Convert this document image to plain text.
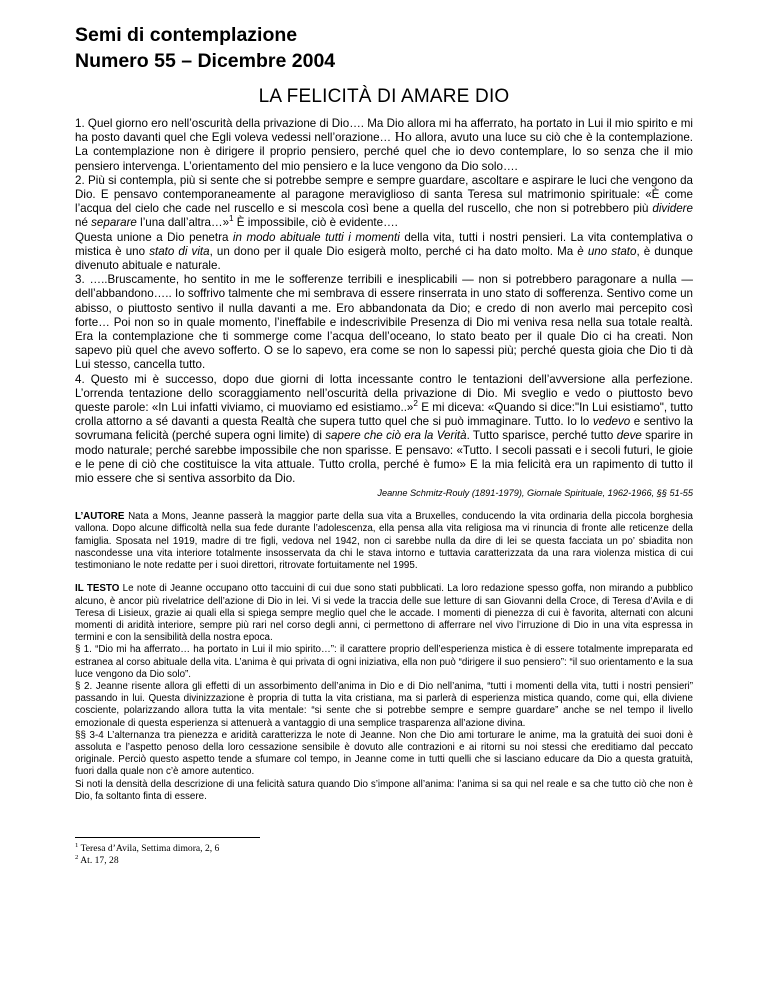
Semi di contemplazione
Numero 55 – Dicembre 2004
LA FELICITÀ DI AMARE DIO

1. Quel giorno ero nell’oscurità della privazione di Dio…. Ma Dio allora mi ha afferrato, ha portato in Lui il mio spirito e mi ha posto davanti quel che Egli voleva vedessi nell’orazione… Ho allora, avuto una luce su ciò che è la contemplazione. La contemplazione non è dirigere il proprio pensiero, perché quel che io devo contemplare, lo so senza che il mio pensiero intervenga. L’orientamento del mio pensiero e la luce vengono da Dio solo….

2. Più si contempla, più si sente che si potrebbe sempre e sempre guardare, ascoltare e aspirare le luci che vengono da Dio. E pensavo contemporaneamente al paragone meraviglioso di santa Teresa sul matrimonio spirituale: «È come l’acqua del cielo che cade nel ruscello e si mescola così bene a quella del ruscello, che non si potrebbero più dividere né separare l’una dall’altra…»$^1$ È impossibile, ciò è evidente….

Questa unione a Dio penetra in modo abituale tutti i momenti della vita, tutti i nostri pensieri. La vita contemplativa o mistica è uno stato di vita, un dono per il quale Dio esigerà molto, perché ci ha dato molto. Ma è uno stato, è dunque divenuto abituale e naturale.

3. …..Bruscamente, ho sentito in me le sofferenze terribili e inesplicabili — non si potrebbero paragonare a nulla — dell’abbandono….. Io soffrivo talmente che mi sembrava di essere rinserrata in uno stato di sofferenza. Sentivo come un abisso, o piuttosto sentivo il nulla davanti a me. Ero abbandonata da Dio; e credo di non averlo mai percepito così forte… Poi non so in quale momento, l’ineffabile e indescrivibile Presenza di Dio mi veniva resa nella sua totale realtà. Era la contemplazione che ti sommerge come l’acqua dell’oceano, lo stato beato per il quale Dio ci ha creati. Non sapevo più quel che avevo sofferto. O se lo sapevo, era come se non lo sapessi più; perché questa gioia che Dio ti dà Lui stesso, cancella tutto.

4. Questo mi è successo, dopo due giorni di lotta incessante contro le tentazioni dell’avversione alla perfezione. L’orrenda tentazione dello scoraggiamento nell’oscurità della privazione di Dio. Mi sveglio e vedo o piuttosto bevo queste parole: «In Lui infatti viviamo, ci muoviamo ed esistiamo..»$^2$ E mi diceva: «Quando si dice:"In Lui esistiamo", tutto crolla attorno a sé davanti a questa Realtà che supera tutto quel che si può immaginare. Tutto. Io lo vedevo e sentivo la sovrumana felicità (perché supera ogni limite) di sapere che ciò era la Verità. Tutto sparisce, perché tutto deve sparire in modo naturale; perché sarebbe impossibile che non sparisse. E pensavo: «Tutto. I secoli passati e i secoli futuri, le gioie e le pene di ciò che costituisce la vita attuale. Tutto crolla, perché è fumo» E la mia felicità era un rapimento di tutto il mio essere che si sentiva assorbito da Dio.

Jeanne Schmitz-Rouly (1891-1979), Giornale Spirituale, 1962-1966, §§ 51-55

L’AUTORE Nata a Mons, Jeanne passerà la maggior parte della sua vita a Bruxelles, conducendo la vita ordinaria della piccola borghesia vallona. Dopo alcune difficoltà nella sua fede durante l’adolescenza, ella pensa alla vita religiosa ma vi rinuncia di fronte alle reticenze della famiglia. Sposata nel 1919, madre di tre figli, vedova nel 1942, non ci sarebbe nulla da dire di lei se questa facciata un po’ sbiadita non nascondesse una vita interiore totalmente insosservata da chi le stava intorno e tuttavia caratterizzata da una rara violenza mistica di cui testimoniano le note redatte per i suoi direttori, ritrovate fortuitamente nel 1995.

IL TESTO Le note di Jeanne occupano otto taccuini di cui due sono stati pubblicati. La loro redazione spesso goffa, non mirando a pubblico alcuno, è ancor più rivelatrice dell’azione di Dio in lei. Vi si vede la traccia delle sue letture di san Giovanni della Croce, di Teresa d’Avila e di Teresa di Lisieux, grazie ai quali ella si spiega sempre meglio quel che le accade. I momenti di pienezza di cui è favorita, alternati con alcuni momenti di aridità interiore, sempre più rari nel corso degli anni, ci permettono di afferrare nel vivo l’irruzione di Dio in una vita espressa in termini e con la sensibilità della nostra epoca.

§ 1. “Dio mi ha afferrato… ha portato in Lui il mio spirito…”: il carattere proprio dell’esperienza mistica è di essere totalmente impreparata ed estranea al corso abituale della vita. L’anima è qui privata di ogni iniziativa, ella non può “dirigere il suo pensiero”: “il suo orientamento e la sua luce vengono da Dio solo”.

§ 2. Jeanne risente allora gli effetti di un assorbimento dell’anima in Dio e di Dio nell’anima, “tutti i momenti della vita, tutti i nostri pensieri” passando in lui. Questa divinizzazione è propria di tutta la vita cristiana, ma si parlerà di esperienza mistica quando, come qui, ella diviene cosciente, polarizzando allora tutta la vita mentale: “si sente che si potrebbe sempre e sempre guardare” anche se nel tempo il livello emozionale di questa esperienza si attenuerà a vantaggio di una semplice trasparenza all’azione divina.

§§ 3-4 L’alternanza tra pienezza e aridità caratterizza le note di Jeanne. Non che Dio ami torturare le anime, ma la gratuità dei suoi doni è assoluta e l’aspetto penoso della loro cessazione sensibile è dovuto alle contrazioni e ai ritorni su noi stessi che ereditiamo dal peccato originale. Perciò questo aspetto tende a sfumare col tempo, in Jeanne come in tutti quelli che si lasciano educare da Dio a questa gratuità, fuori dalla quale non c’è amore autentico.

Si noti la densità della descrizione di una felicità satura quando Dio s’impone all’anima: l’anima si sa qui nel reale e sa che tutto ciò che non è Dio, fa soltanto finta di essere.

$^1$ Teresa d’Avila, Settima dimora, 2, 6
$^2$ At. 17, 28
